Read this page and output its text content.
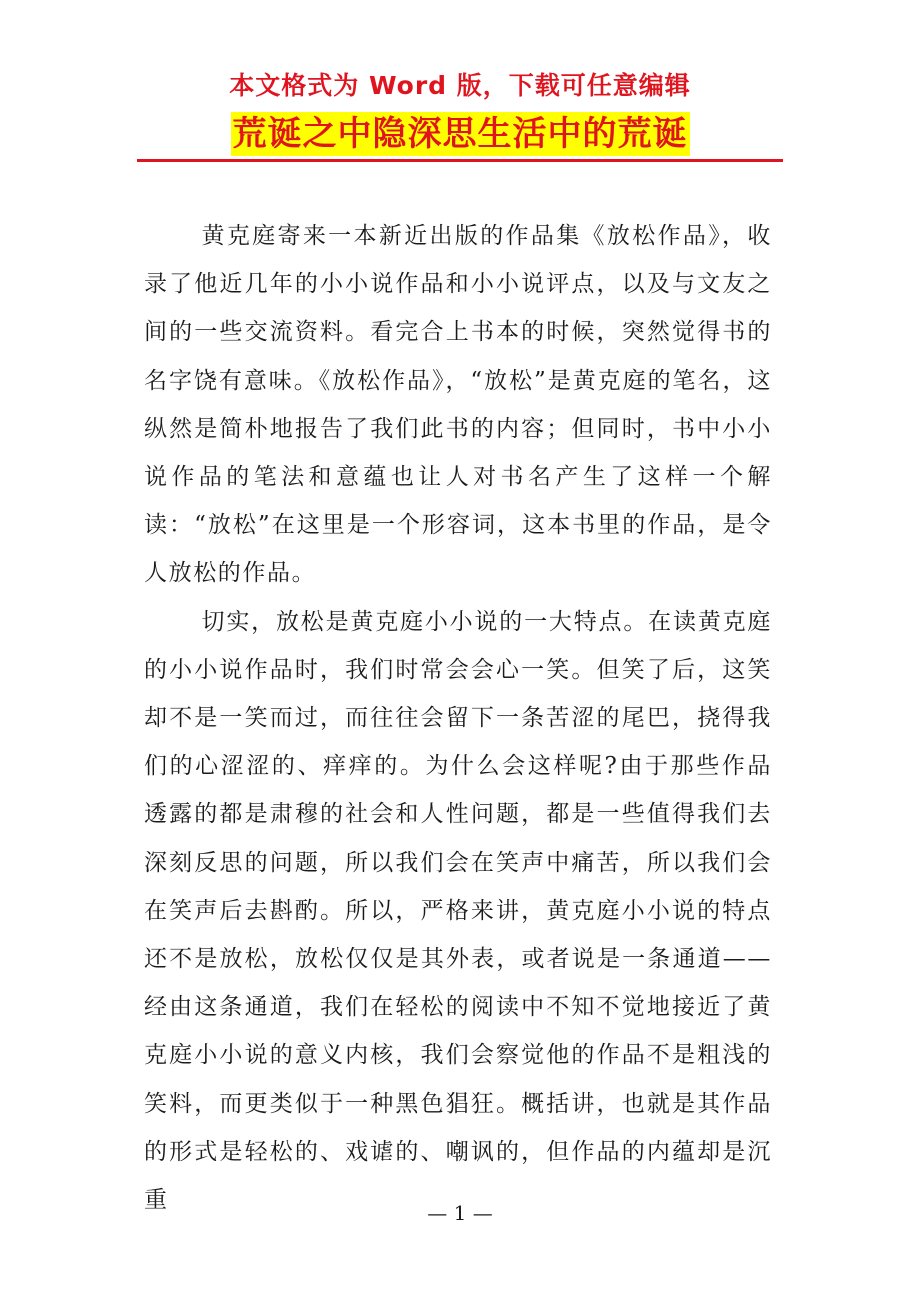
本文格式为 Word 版，下载可任意编辑
荒诞之中隐深思生活中的荒诞

黄克庭寄来一本新近出版的作品集《放松作品》，收录了他近几年的小小说作品和小小说评点，以及与文友之间的一些交流资料。看完合上书本的时候，突然觉得书的名字饶有意味。《放松作品》，“放松”是黄克庭的笔名，这纵然是简朴地报告了我们此书的内容；但同时，书中小小说作品的笔法和意蕴也让人对书名产生了这样一个解读：“放松”在这里是一个形容词，这本书里的作品，是令人放松的作品。

切实，放松是黄克庭小小说的一大特点。在读黄克庭的小小说作品时，我们时常会会心一笑。但笑了后，这笑却不是一笑而过，而往往会留下一条苦涩的尾巴，挠得我们的心涩涩的、痒痒的。为什么会这样呢?由于那些作品透露的都是肃穆的社会和人性问题，都是一些值得我们去深刻反思的问题，所以我们会在笑声中痛苦，所以我们会在笑声后去斟酌。所以，严格来讲，黄克庭小小说的特点还不是放松，放松仅仅是其外表，或者说是一条通道——经由这条通道，我们在轻松的阅读中不知不觉地接近了黄克庭小小说的意义内核，我们会察觉他的作品不是粗浅的笑料，而更类似于一种黑色猖狂。概括讲，也就是其作品的形式是轻松的、戏谑的、嘲讽的，但作品的内蕴却是沉重	— 1 —
